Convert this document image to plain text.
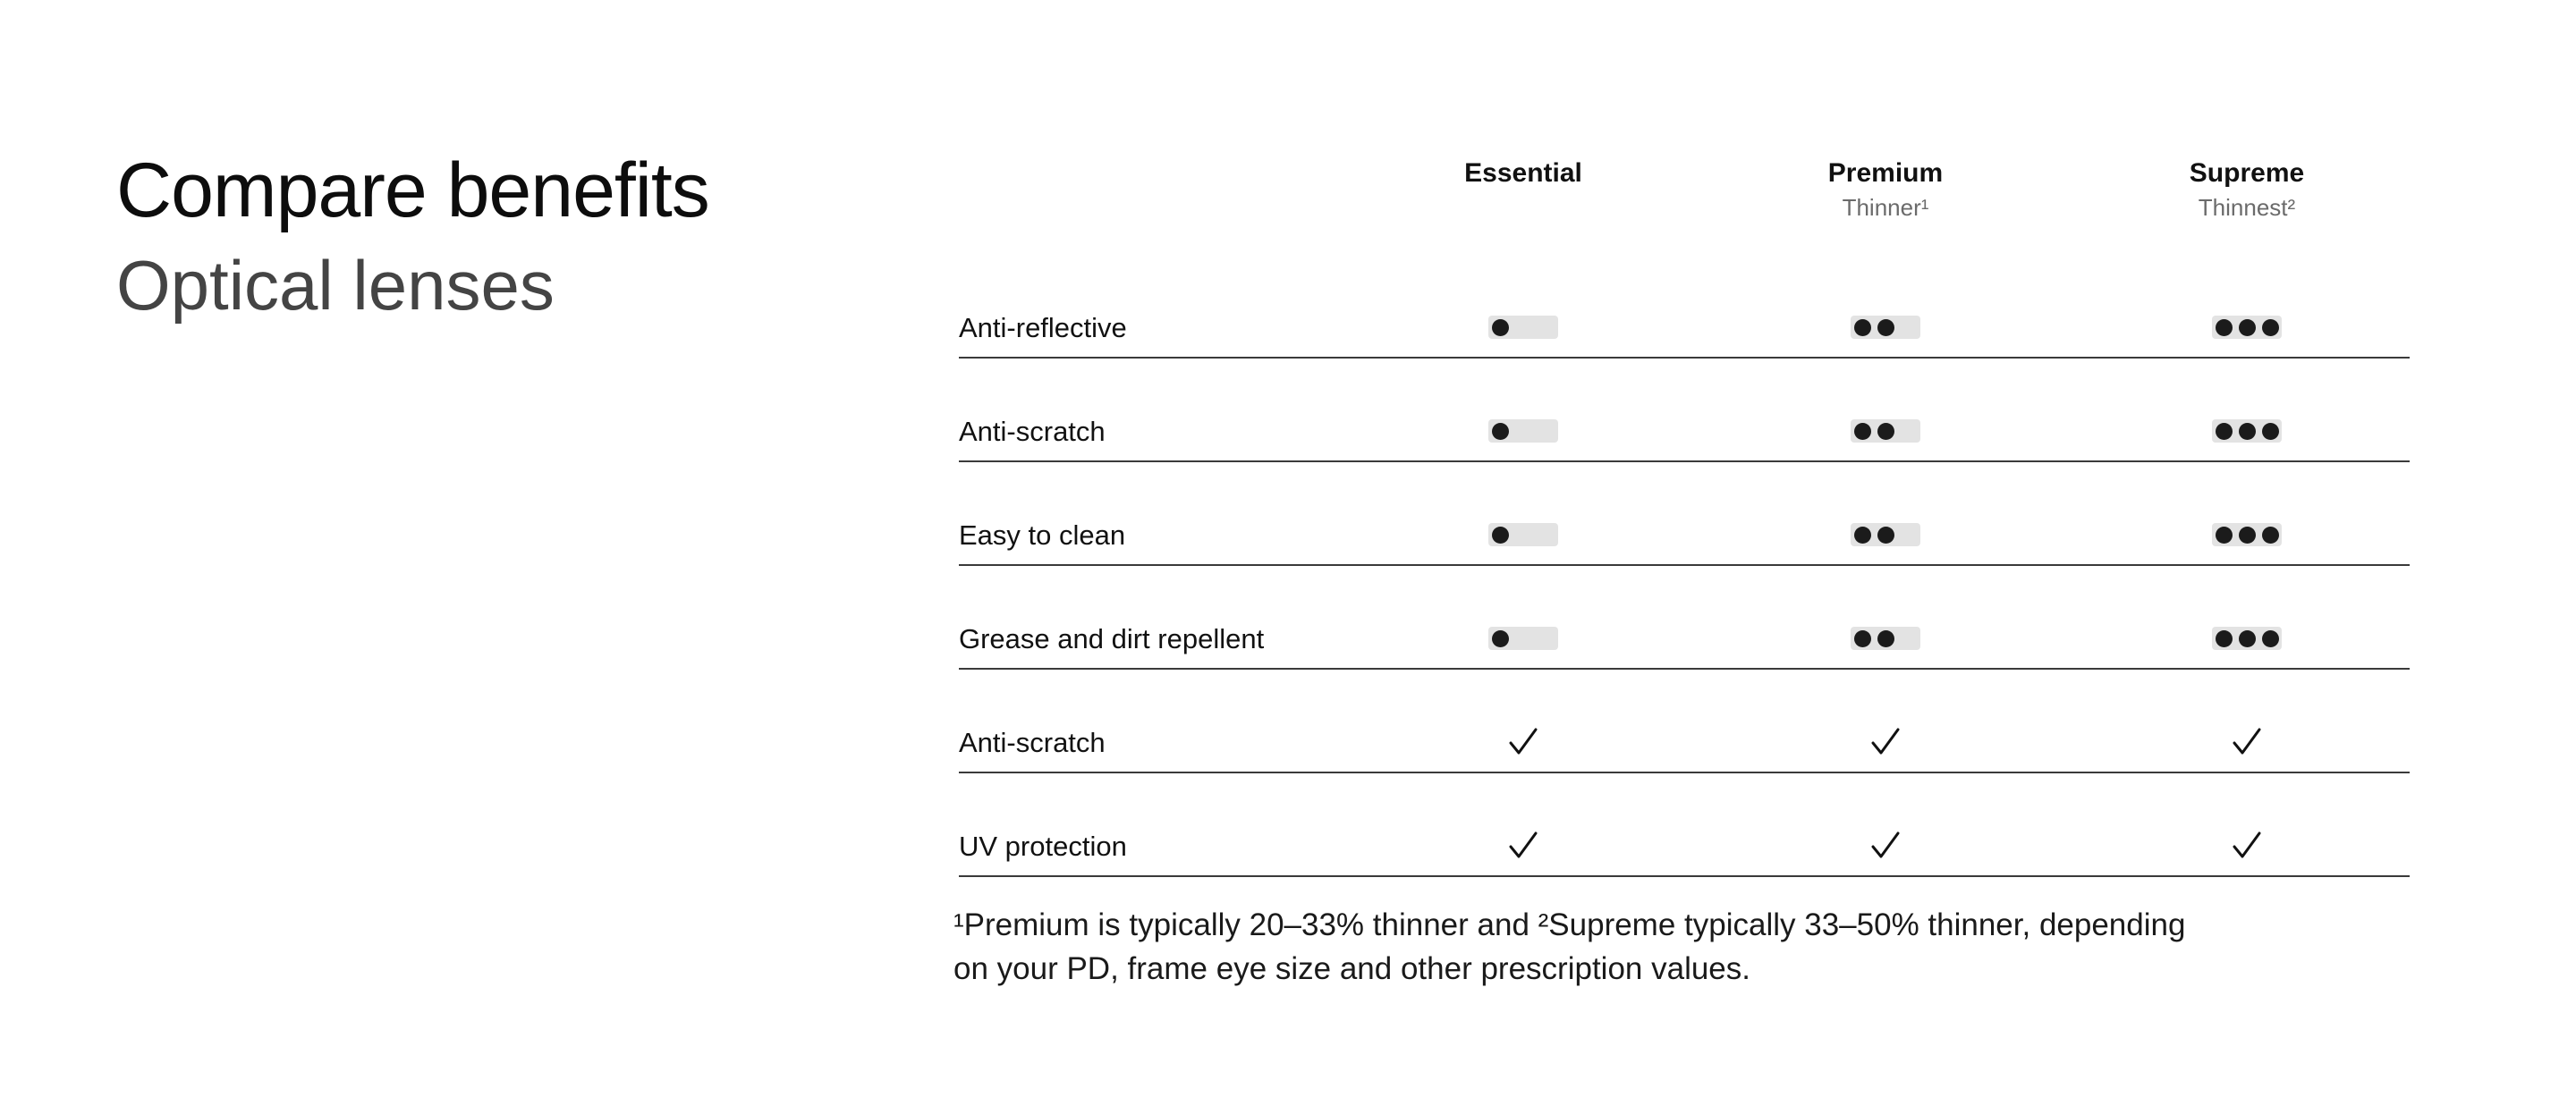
Compare benefits
Optical lenses
Essential	Premium
Thinner¹
Supreme
Thinnest²
Anti-reflective
Anti-scratch
Easy to clean
Grease and dirt repellent
Anti-scratch
UV protection

¹Premium is typically 20–33% thinner and ²Supreme typically 33–50% thinner, depending

on your PD, frame eye size and other prescription values.
